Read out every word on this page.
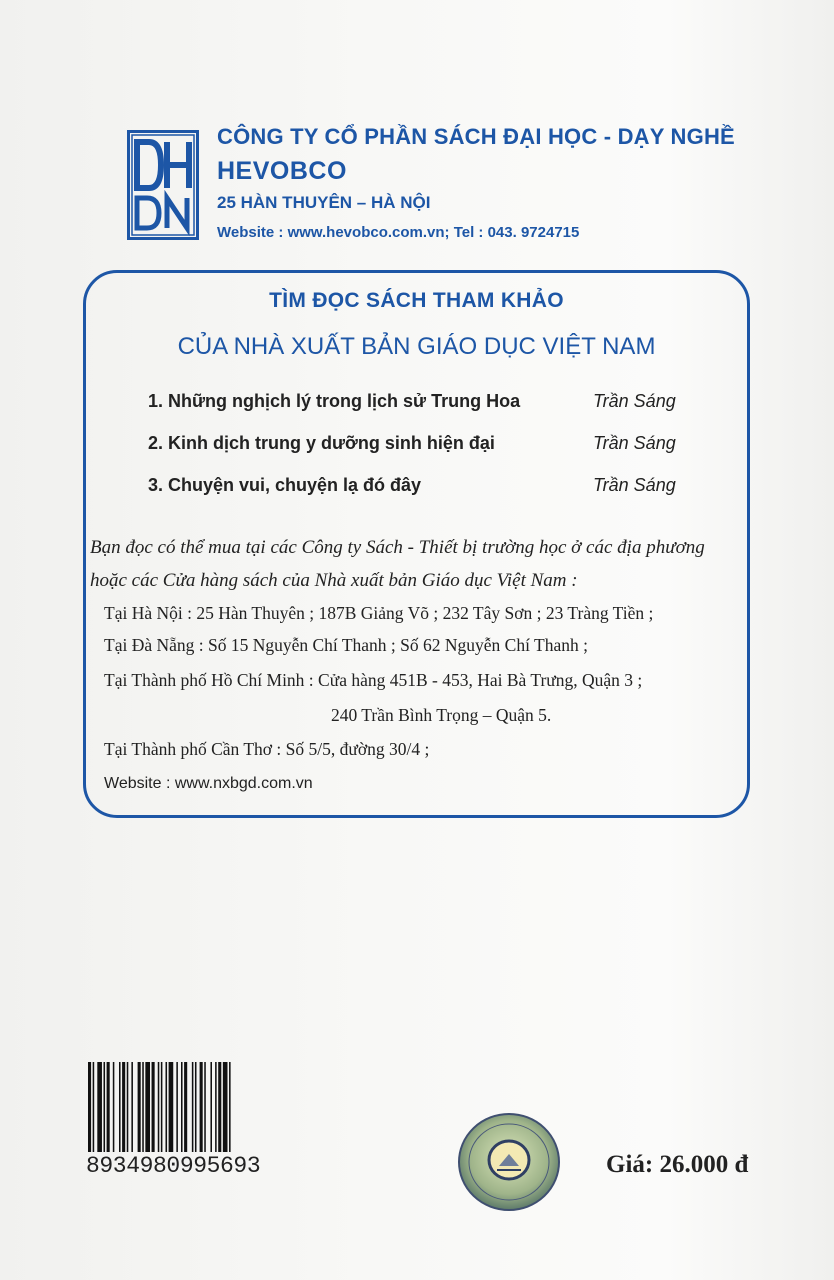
CÔNG TY CỔ PHẦN SÁCH ĐẠI HỌC - DẠY NGHỀ
HEVOBCO
25 HÀN THUYÊN – HÀ NỘI
Website : www.hevobco.com.vn; Tel : 043. 9724715
TÌM ĐỌC SÁCH THAM KHẢO
CỦA NHÀ XUẤT BẢN GIÁO DỤC VIỆT NAM
1. Những nghịch lý trong lịch sử Trung Hoa	Trần Sáng
2. Kinh dịch trung y dưỡng sinh hiện đại	Trần Sáng
3. Chuyện vui, chuyện lạ đó đây	Trần Sáng
Bạn đọc có thể mua tại các Công ty Sách - Thiết bị trường học ở các địa phương
hoặc các Cửa hàng sách của Nhà xuất bản Giáo dục Việt Nam :
Tại Hà Nội : 25 Hàn Thuyên ; 187B Giảng Võ ; 232 Tây Sơn ; 23 Tràng Tiền ;
Tại Đà Nẵng : Số 15 Nguyễn Chí Thanh ; Số 62 Nguyễn Chí Thanh ;
Tại Thành phố Hồ Chí Minh : Cửa hàng 451B - 453, Hai Bà Trưng, Quận 3 ;
240 Trần Bình Trọng – Quận 5.
Tại Thành phố Cần Thơ : Số 5/5, đường 30/4 ;
Website : www.nxbgd.com.vn
8934980995693	Giá: 26.000 đ
